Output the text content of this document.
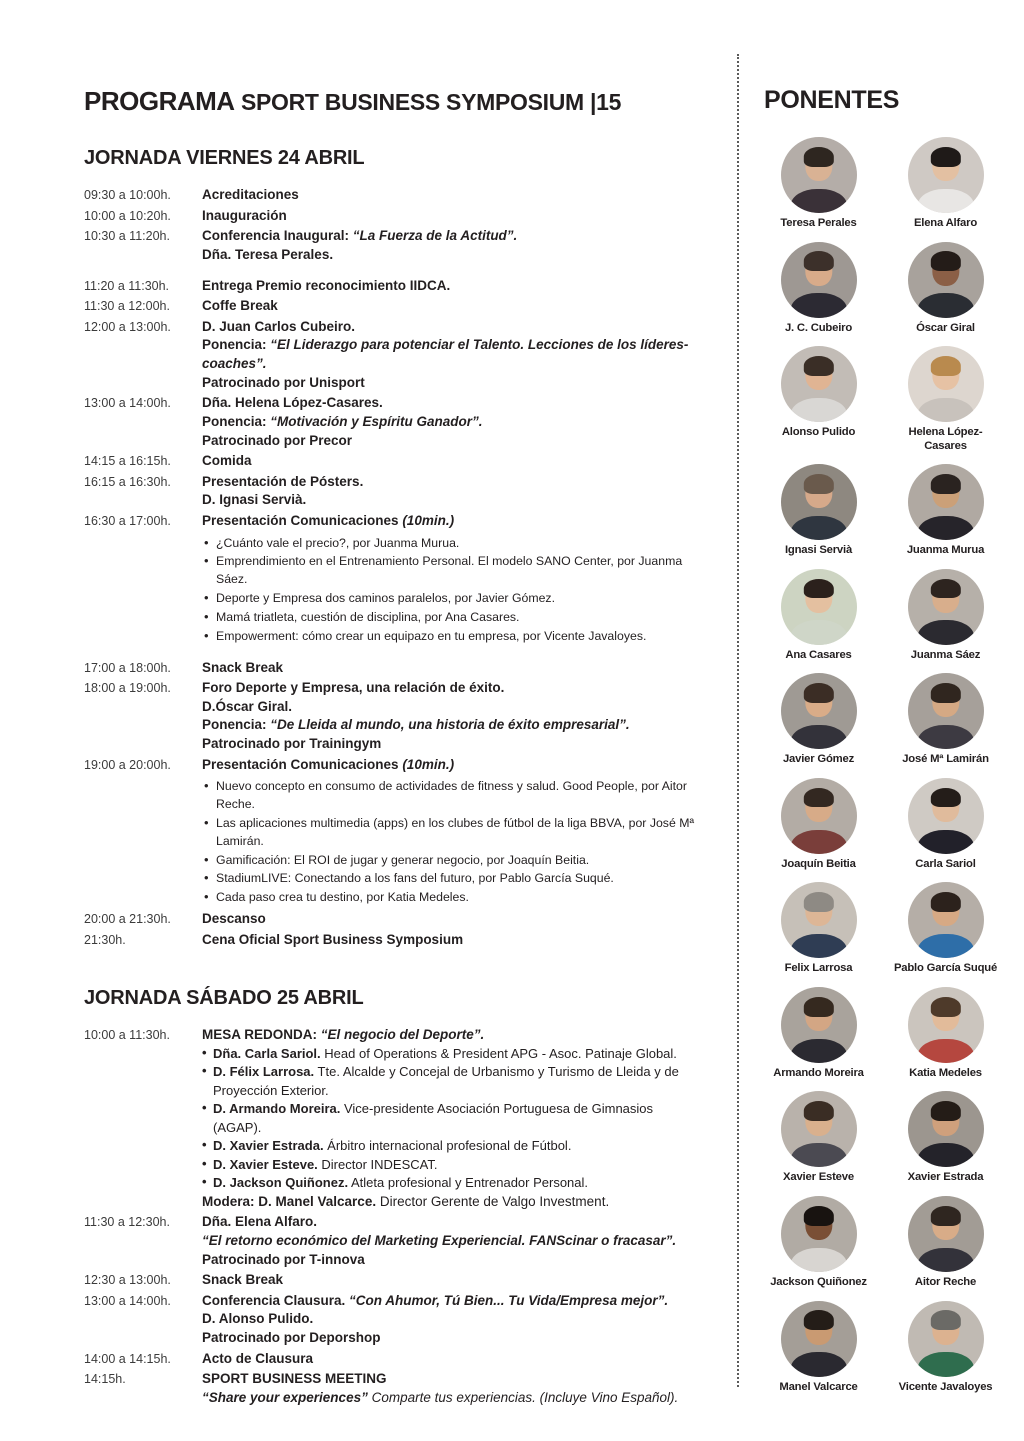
PROGRAMA SPORT BUSINESS SYMPOSIUM |15
JORNADA VIERNES 24 ABRIL
09:30 a 10:00h.	Acreditaciones
10:00 a 10:20h.	Inauguración
10:30 a 11:20h.	Conferencia Inaugural: “La Fuerza de la Actitud”.
Dña. Teresa Perales.
11:20 a 11:30h.	Entrega Premio reconocimiento IIDCA.
11:30 a 12:00h.	Coffe Break
12:00 a 13:00h.	D. Juan Carlos Cubeiro.
Ponencia: “El Liderazgo para potenciar el Talento. Lecciones de los líderes-coaches”.
Patrocinado por Unisport
13:00 a 14:00h.	Dña. Helena López-Casares.
Ponencia: “Motivación y Espíritu Ganador”.
Patrocinado por Precor
14:15 a 16:15h.	Comida
16:15 a 16:30h.	Presentación de Pósters.
D. Ignasi Servià.
16:30 a 17:00h.	Presentación Comunicaciones (10min.)
• ¿Cuánto vale el precio?, por Juanma Murua.
• Emprendimiento en el Entrenamiento Personal. El modelo SANO Center, por Juanma Sáez.
• Deporte y Empresa dos caminos paralelos, por Javier Gómez.
• Mamá triatleta, cuestión de disciplina, por Ana Casares.
• Empowerment: cómo crear un equipazo en tu empresa, por Vicente Javaloyes.
17:00 a 18:00h.	Snack Break
18:00 a 19:00h.	Foro Deporte y Empresa, una relación de éxito.
D.Óscar Giral.
Ponencia: “De Lleida al mundo, una historia de éxito empresarial”.
Patrocinado por Trainingym
19:00 a 20:00h.	Presentación Comunicaciones (10min.)
• Nuevo concepto en consumo de actividades de fitness y salud. Good People, por Aitor Reche.
• Las aplicaciones multimedia (apps) en los clubes de fútbol de la liga BBVA, por José Mª Lamirán.
• Gamificación: El ROI de jugar y generar negocio, por Joaquín Beitia.
• StadiumLIVE: Conectando a los fans del futuro, por Pablo García Suqué.
• Cada paso crea tu destino, por Katia Medeles.
20:00 a 21:30h.	Descanso
21:30h.	Cena Oficial Sport Business Symposium
JORNADA SÁBADO 25 ABRIL
10:00 a 11:30h.	MESA REDONDA: “El negocio del Deporte”.
• Dña. Carla Sariol. Head of Operations & President APG - Asoc. Patinaje Global.
• D. Félix Larrosa. Tte. Alcalde y Concejal de Urbanismo y Turismo de Lleida y de Proyección Exterior.
• D. Armando Moreira. Vice-presidente Asociación Portuguesa de Gimnasios (AGAP).
• D. Xavier Estrada. Árbitro internacional profesional de Fútbol.
• D. Xavier Esteve. Director INDESCAT.
• D. Jackson Quiñonez. Atleta profesional y Entrenador Personal.
Modera: D. Manel Valcarce. Director Gerente de Valgo Investment.
11:30 a 12:30h.	Dña. Elena Alfaro.
“El retorno económico del Marketing Experiencial. FANScinar o fracasar”.
Patrocinado por T-innova
12:30 a 13:00h.	Snack Break
13:00 a 14:00h.	Conferencia Clausura. “Con Ahumor, Tú Bien... Tu Vida/Empresa mejor”.
D. Alonso Pulido.
Patrocinado por Deporshop
14:00 a 14:15h.	Acto de Clausura
14:15h.	SPORT BUSINESS MEETING
“Share your experiences” Comparte tus experiencias. (Incluye Vino Español).
PONENTES
Teresa Perales	Elena Alfaro
J. C. Cubeiro	Óscar Giral
Alonso Pulido	Helena López-Casares
Ignasi Servià	Juanma Murua
Ana Casares	Juanma Sáez
Javier Gómez	José Mª Lamirán
Joaquín Beitia	Carla Sariol
Felix Larrosa	Pablo García Suqué
Armando Moreira	Katia Medeles
Xavier Esteve	Xavier Estrada
Jackson Quiñonez	Aitor Reche
Manel Valcarce	Vicente Javaloyes
